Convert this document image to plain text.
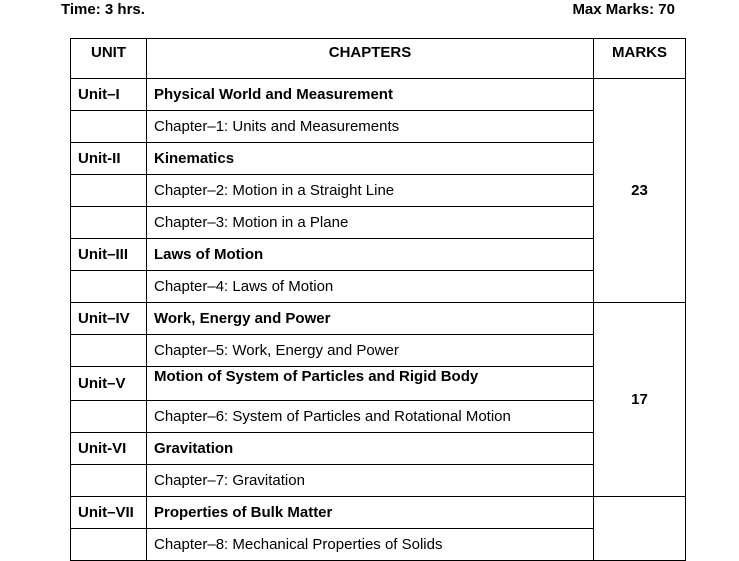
Time: 3 hrs.	Max Marks: 70
UNIT	CHAPTERS	MARKS
Unit–I	Physical World and Measurement	23
	Chapter–1: Units and Measurements	
Unit-II	Kinematics	
	Chapter–2: Motion in a Straight Line	
	Chapter–3: Motion in a Plane	
Unit–III	Laws of Motion	
	Chapter–4: Laws of Motion	
Unit–IV	Work, Energy and Power	17
	Chapter–5: Work, Energy and Power	
Unit–V	Motion of System of Particles and Rigid Body	
	Chapter–6: System of Particles and Rotational Motion	
Unit-VI	Gravitation	
	Chapter–7: Gravitation	
Unit–VII	Properties of Bulk Matter	
	Chapter–8: Mechanical Properties of Solids	
